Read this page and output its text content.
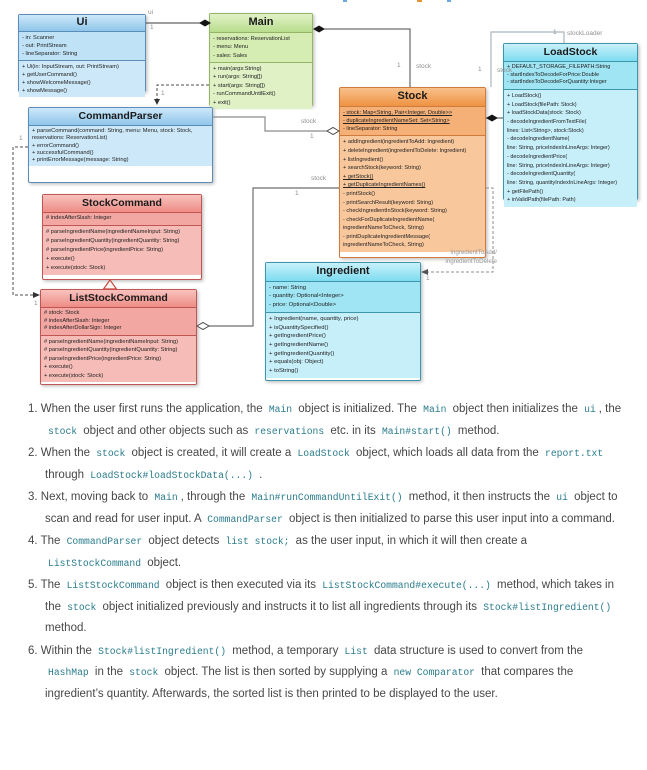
Ui
- in: Scanner
- out: PrintStream
- lineSeparator: String
+ Ui(in: InputStream, out: PrintStream)
+ getUserCommand()
+ showWelcomeMessage()
+ showMessage()
Main
- reservations: ReservationList
- menu: Menu
- sales: Sales
+ main(args:String)
+ run(args: String[])
+ start(args: String[])
- runCommandUntilExit()
+ exit()
LoadStock
+ DEFAULT_STORAGE_FILEPATH:String
- startIndexToDecodeForPrice:Double
- startIndexToDecodeForQuantity:Integer
+ LoadStock()
+ LoadStock(filePath: Stock)
+ loadStockData(stock: Stock)
- decodeIngredientFromTextFile(
lines: List<String>, stock:Stock)
- decodeIngredientName(
line: String, priceIndexInLineArgs: Integer)
- decodeIngredientPrice(
line: String, priceIndexInLineArgs: Integer)
- decodeIngredientQuantity(
line: String, quantityIndexInLineArgs: Integer)
+ getFilePath()
+ inValidPath(filePath: Path)
Stock
- stock: Map<String, Pair<Integer, Double>>
- duplicateIngredientNameSet: Set<String>
- lineSeparator: String
+ addIngredient(ingredientToAdd: Ingredient)
+ deleteIngredient(ingredientToDelete: Ingredient)
+ listIngredient()
+ searchStock(keyword: String)
+ getStock()
+ getDuplicateIngredientNames()
- printStock()
- printSearchResult(keyword: String)
- checkIngredientInStock(keyword: String)
- checkForDuplicateIngredientName(
ingredientNameToCheck, String)
- printDuplicateIngredientMessage(
ingredientNameToCheck, String)
CommandParser
+ parseCommand(command: String, menu: Menu, stock: Stock,
reservations: ReservationList)
+ errorCommand()
+ successfulCommand()
+ printErrorMessage(message: String)
StockCommand
# indexAfterSlash: Integer
# parseIngredientName(ingredientNameInput: String)
# parseIngredientQuantity(ingredientQuantity: String)
# parseIngredientPrice(ingredientPrice: String)
+ execute()
+ execute(stock: Stock)
ListStockCommand
# stock: Stock
# indexAfterSlash: Integer
# indexAfterDollarSign: Integer
# parseIngredientName(ingredientNameInput: String)
# parseIngredientQuantity(ingredientQuantity: String)
# parseIngredientPrice(ingredientPrice: String)
+ execute()
+ execute(stock: Stock)
Ingredient
- name: String
- quantity: Optional<Integer>
- price: Optional<Double>
+ Ingredient(name, quantity, price)
+ isQuantitySpecified()
+ getIngredientPrice()
+ getIngredientName()
+ getIngredientQuantity()
+ equals(obj: Object)
+ toString()
ui
1
1 stock	1 stock
1 stockLoader
stock
1
1
1
1
stock
1
ingredientToAdd/
ingredientToDelete
1
1. When the user first runs the application, the Main object is initialized. The Main object then initializes the ui , the stock object and other objects such as reservations etc. in its Main#start() method.
2. When the stock object is created, it will create a LoadStock object, which loads all data from the report.txt through LoadStock#loadStockData(...) .
3. Next, moving back to Main , through the Main#runCommandUntilExit() method, it then instructs the ui object to scan and read for user input. A CommandParser object is then initialized to parse this user input into a command.
4. The CommandParser object detects list stock; as the user input, in which it will then create a ListStockCommand object.
5. The ListStockCommand object is then executed via its ListStockCommand#execute(...) method, which takes in the stock object initialized previously and instructs it to list all ingredients through its Stock#listIngredient() method.
6. Within the Stock#listIngredient() method, a temporary List data structure is used to convert from the HashMap in the stock object. The list is then sorted by supplying a new Comparator that compares the ingredient’s quantity. Afterwards, the sorted list is then printed to be displayed to the user.
